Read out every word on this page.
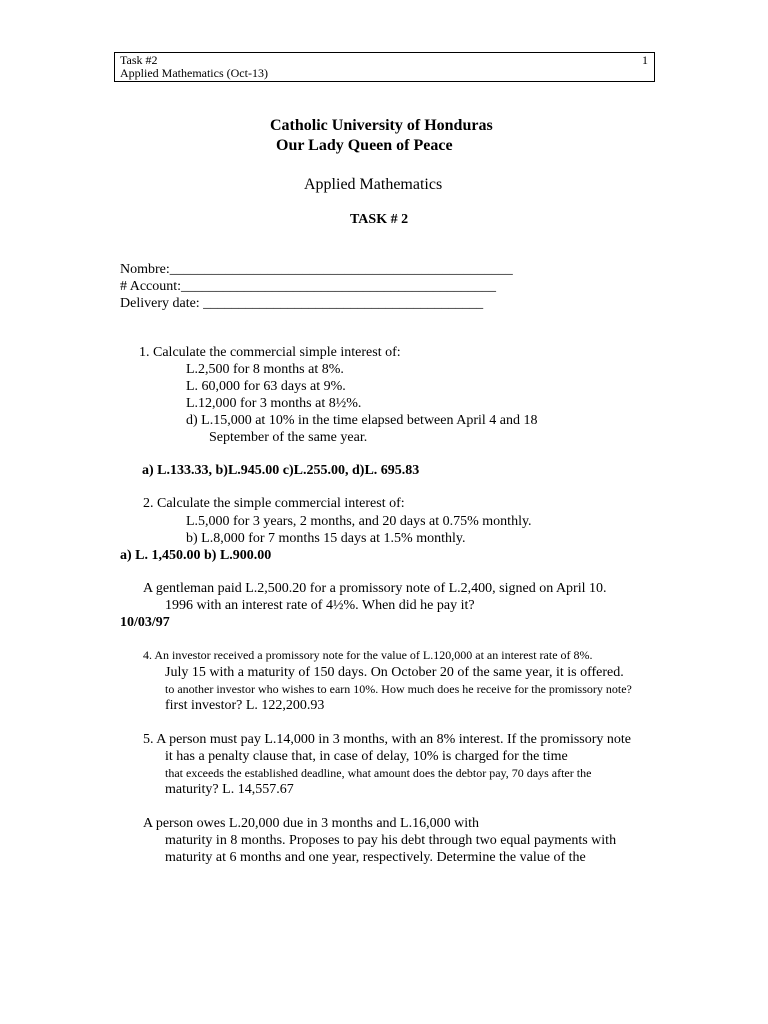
Task #2
Applied Mathematics (Oct-13)
1
Catholic University of Honduras
Our Lady Queen of Peace
Applied Mathematics
TASK # 2
Nombre:_________________________________________________
# Account:_____________________________________________
Delivery date: ________________________________________
1. Calculate the commercial simple interest of:
L.2,500 for 8 months at 8%.
L. 60,000 for 63 days at 9%.
L.12,000 for 3 months at 8½%.
d) L.15,000 at 10% in the time elapsed between April 4 and 18
September of the same year.
a) L.133.33, b)L.945.00 c)L.255.00, d)L. 695.83
2. Calculate the simple commercial interest of:
L.5,000 for 3 years, 2 months, and 20 days at 0.75% monthly.
b) L.8,000 for 7 months 15 days at 1.5% monthly.
a) L. 1,450.00 b) L.900.00
A gentleman paid L.2,500.20 for a promissory note of L.2,400, signed on April 10.
1996 with an interest rate of 4½%. When did he pay it?
10/03/97
4. An investor received a promissory note for the value of L.120,000 at an interest rate of 8%.
July 15 with a maturity of 150 days. On October 20 of the same year, it is offered.
to another investor who wishes to earn 10%. How much does he receive for the promissory note?
first investor? L. 122,200.93
5. A person must pay L.14,000 in 3 months, with an 8% interest. If the promissory note
it has a penalty clause that, in case of delay, 10% is charged for the time
that exceeds the established deadline, what amount does the debtor pay, 70 days after the
maturity? L. 14,557.67
A person owes L.20,000 due in 3 months and L.16,000 with
maturity in 8 months. Proposes to pay his debt through two equal payments with
maturity at 6 months and one year, respectively. Determine the value of the
